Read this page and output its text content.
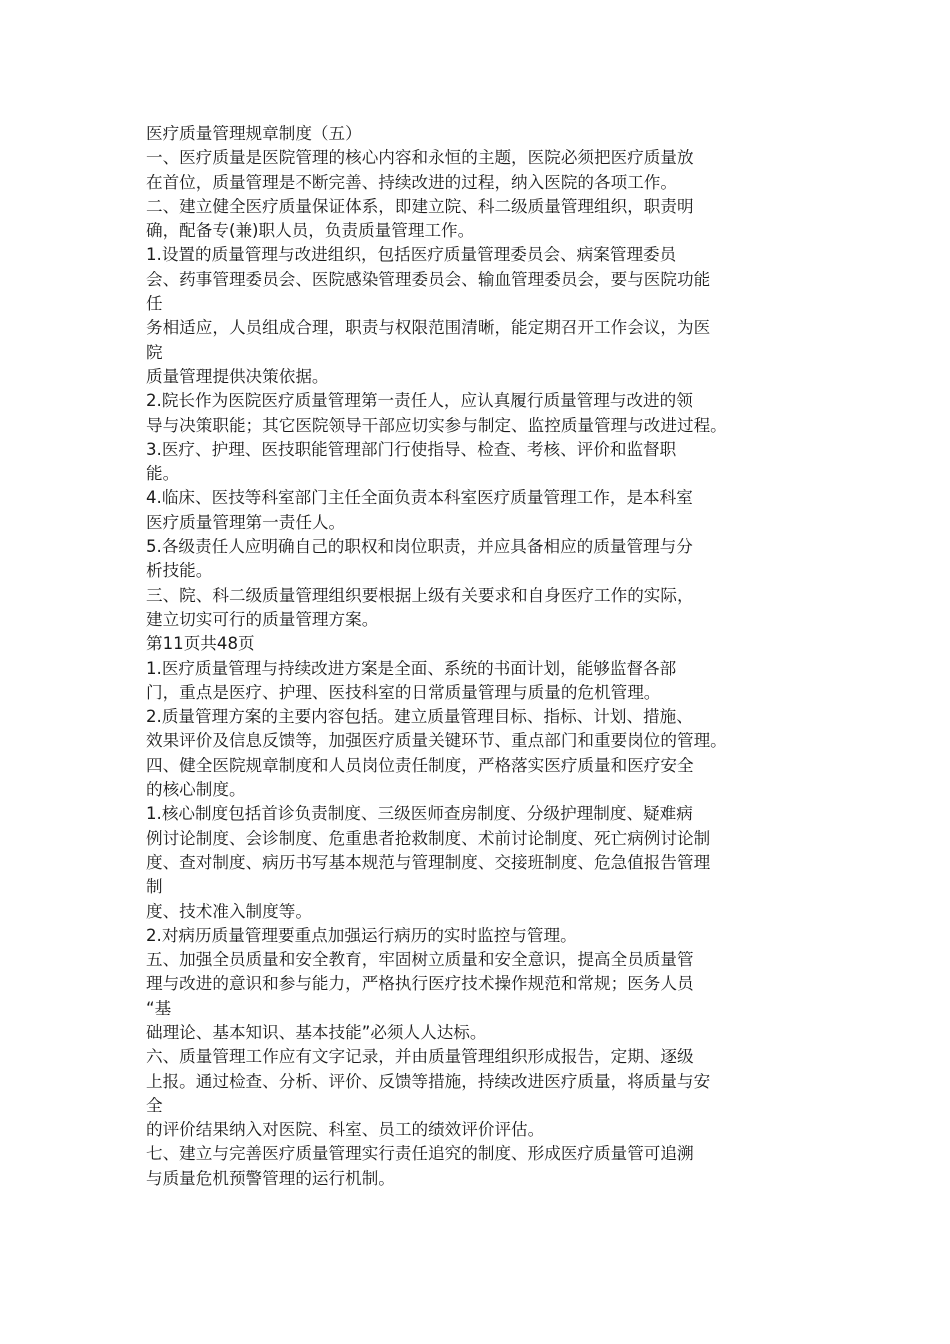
医疗质量管理规章制度（五）
一、医疗质量是医院管理的核心内容和永恒的主题，医院必须把医疗质量放
在首位，质量管理是不断完善、持续改进的过程，纳入医院的各项工作。
二、建立健全医疗质量保证体系，即建立院、科二级质量管理组织，职责明
确，配备专(兼)职人员，负责质量管理工作。
1.设置的质量管理与改进组织，包括医疗质量管理委员会、病案管理委员
会、药事管理委员会、医院感染管理委员会、输血管理委员会，要与医院功能
任
务相适应，人员组成合理，职责与权限范围清晰，能定期召开工作会议，为医
院
质量管理提供决策依据。
2.院长作为医院医疗质量管理第一责任人，应认真履行质量管理与改进的领
导与决策职能；其它医院领导干部应切实参与制定、监控质量管理与改进过程。
3.医疗、护理、医技职能管理部门行使指导、检查、考核、评价和监督职
能。
4.临床、医技等科室部门主任全面负责本科室医疗质量管理工作，是本科室
医疗质量管理第一责任人。
5.各级责任人应明确自己的职权和岗位职责，并应具备相应的质量管理与分
析技能。
三、院、科二级质量管理组织要根据上级有关要求和自身医疗工作的实际，
建立切实可行的质量管理方案。
第11页共48页
1.医疗质量管理与持续改进方案是全面、系统的书面计划，能够监督各部
门，重点是医疗、护理、医技科室的日常质量管理与质量的危机管理。
2.质量管理方案的主要内容包括。建立质量管理目标、指标、计划、措施、
效果评价及信息反馈等，加强医疗质量关键环节、重点部门和重要岗位的管理。
四、健全医院规章制度和人员岗位责任制度，严格落实医疗质量和医疗安全
的核心制度。
1.核心制度包括首诊负责制度、三级医师查房制度、分级护理制度、疑难病
例讨论制度、会诊制度、危重患者抢救制度、术前讨论制度、死亡病例讨论制
度、查对制度、病历书写基本规范与管理制度、交接班制度、危急值报告管理
制
度、技术准入制度等。
2.对病历质量管理要重点加强运行病历的实时监控与管理。
五、加强全员质量和安全教育，牢固树立质量和安全意识，提高全员质量管
理与改进的意识和参与能力，严格执行医疗技术操作规范和常规；医务人员
“基
础理论、基本知识、基本技能”必须人人达标。
六、质量管理工作应有文字记录，并由质量管理组织形成报告，定期、逐级
上报。通过检查、分析、评价、反馈等措施，持续改进医疗质量，将质量与安
全
的评价结果纳入对医院、科室、员工的绩效评价评估。
七、建立与完善医疗质量管理实行责任追究的制度、形成医疗质量管可追溯
与质量危机预警管理的运行机制。
